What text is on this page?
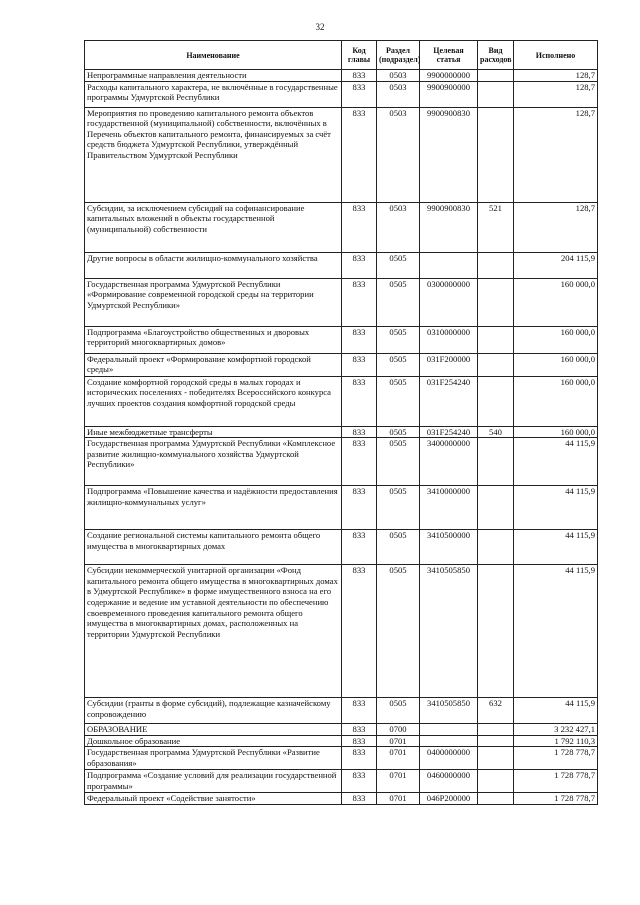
32
Наименование	Код главы	Раздел (подраздел)	Целевая статья	Вид расходов	Исполнено
Непрограммные направления деятельности	833	0503	9900000000		128,7
Расходы капитального характера, не включённые в государственные программы Удмуртской Республики	833	0503	9900900000		128,7
Мероприятия по проведению капитального ремонта объектов государственной (муниципальной) собственности, включённых в Перечень объектов капитального ремонта, финансируемых за счёт средств бюджета Удмуртской Республики, утверждённый Правительством Удмуртской Республики	833	0503	9900900830		128,7
Субсидии, за исключением субсидий на софинансирование капитальных вложений в объекты государственной (муниципальной) собственности	833	0503	9900900830	521	128,7
Другие вопросы в области жилищно-коммунального хозяйства	833	0505			204 115,9
Государственная программа Удмуртской Республики «Формирование современной городской среды на территории Удмуртской Республики»	833	0505	0300000000		160 000,0
Подпрограмма «Благоустройство общественных и дворовых территорий многоквартирных домов»	833	0505	0310000000		160 000,0
Федеральный проект «Формирование комфортной городской среды»	833	0505	031F200000		160 000,0
Создание комфортной городской среды в малых городах и исторических поселениях - победителях Всероссийского конкурса лучших проектов создания комфортной городской среды	833	0505	031F254240		160 000,0
Иные межбюджетные трансферты	833	0505	031F254240	540	160 000,0
Государственная программа Удмуртской Республики «Комплексное развитие жилищно-коммунального хозяйства Удмуртской Республики»	833	0505	3400000000		44 115,9
Подпрограмма «Повышение качества и надёжности предоставления жилищно-коммунальных услуг»	833	0505	3410000000		44 115,9
Создание региональной системы капитального ремонта общего имущества в многоквартирных домах	833	0505	3410500000		44 115,9
Субсидии некоммерческой унитарной организации «Фонд капитального ремонта общего имущества в многоквартирных домах в Удмуртской Республике» в форме имущественного взноса на его содержание и ведение им уставной деятельности по обеспечению своевременного проведения капитального ремонта общего имущества в многоквартирных домах, расположенных на территории Удмуртской Республики	833	0505	3410505850		44 115,9
Субсидии (гранты в форме субсидий), подлежащие казначейскому сопровождению	833	0505	3410505850	632	44 115,9
ОБРАЗОВАНИЕ	833	0700			3 232 427,1
Дошкольное образование	833	0701			1 792 110,3
Государственная программа Удмуртской Республики «Развитие образования»	833	0701	0400000000		1 728 778,7
Подпрограмма «Создание условий для реализации государственной программы»	833	0701	0460000000		1 728 778,7
Федеральный проект «Содействие занятости»	833	0701	046P200000		1 728 778,7
